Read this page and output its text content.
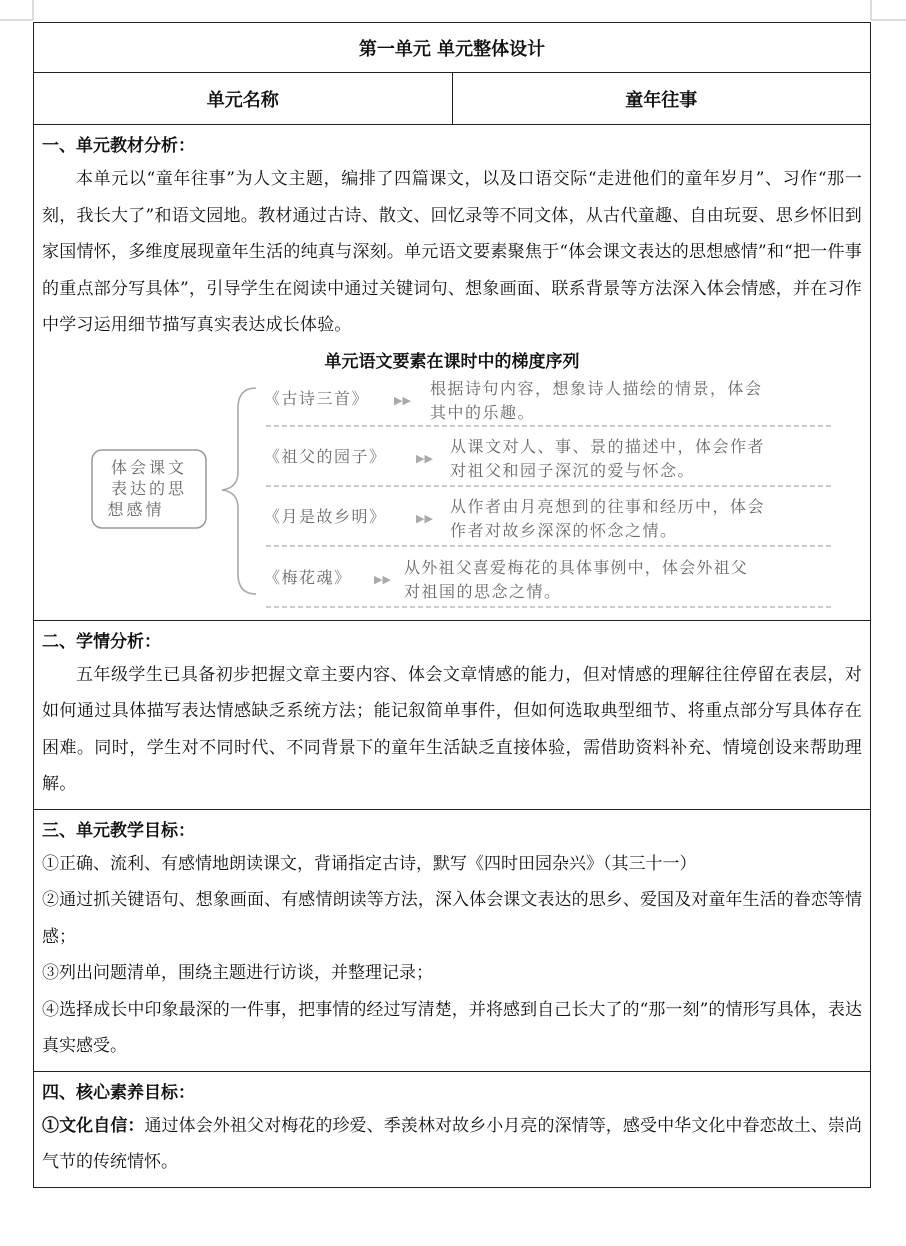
第一单元 单元整体设计
单元名称	童年往事
一、单元教材分析：
本单元以“童年往事”为人文主题，编排了四篇课文，以及口语交际“走进他们的童年岁月”、习作“那一刻，我长大了”和语文园地。教材通过古诗、散文、回忆录等不同文体，从古代童趣、自由玩耍、思乡怀旧到家国情怀，多维度展现童年生活的纯真与深刻。单元语文要素聚焦于“体会课文表达的思想感情”和“把一件事的重点部分写具体”，引导学生在阅读中通过关键词句、想象画面、联系背景等方法深入体会情感，并在习作中学习运用细节描写真实表达成长体验。
单元语文要素在课时中的梯度序列
体会课文
表达的思
想感情
《古诗三首》 ▶▶
根据诗句内容，想象诗人描绘的情景，体会
其中的乐趣。
《祖父的园子》	▶▶
从课文对人、事、景的描述中，体会作者
对祖父和园子深沉的爱与怀念。
《月是故乡明》	▶▶
从作者由月亮想到的往事和经历中，体会
作者对故乡深深的怀念之情。
《梅花魂》 ▶▶
从外祖父喜爱梅花的具体事例中，体会外祖父
对祖国的思念之情。
二、学情分析：
五年级学生已具备初步把握文章主要内容、体会文章情感的能力，但对情感的理解往往停留在表层，对如何通过具体描写表达情感缺乏系统方法；能记叙简单事件，但如何选取典型细节、将重点部分写具体存在困难。同时，学生对不同时代、不同背景下的童年生活缺乏直接体验，需借助资料补充、情境创设来帮助理解。
三、单元教学目标：
①正确、流利、有感情地朗读课文，背诵指定古诗，默写《四时田园杂兴》（其三十一）
②通过抓关键语句、想象画面、有感情朗读等方法，深入体会课文表达的思乡、爱国及对童年生活的眷恋等情感；
③列出问题清单，围绕主题进行访谈，并整理记录；
④选择成长中印象最深的一件事，把事情的经过写清楚，并将感到自己长大了的“那一刻”的情形写具体，表达真实感受。
四、核心素养目标：
①文化自信：通过体会外祖父对梅花的珍爱、季羡林对故乡小月亮的深情等，感受中华文化中眷恋故土、崇尚气节的传统情怀。
